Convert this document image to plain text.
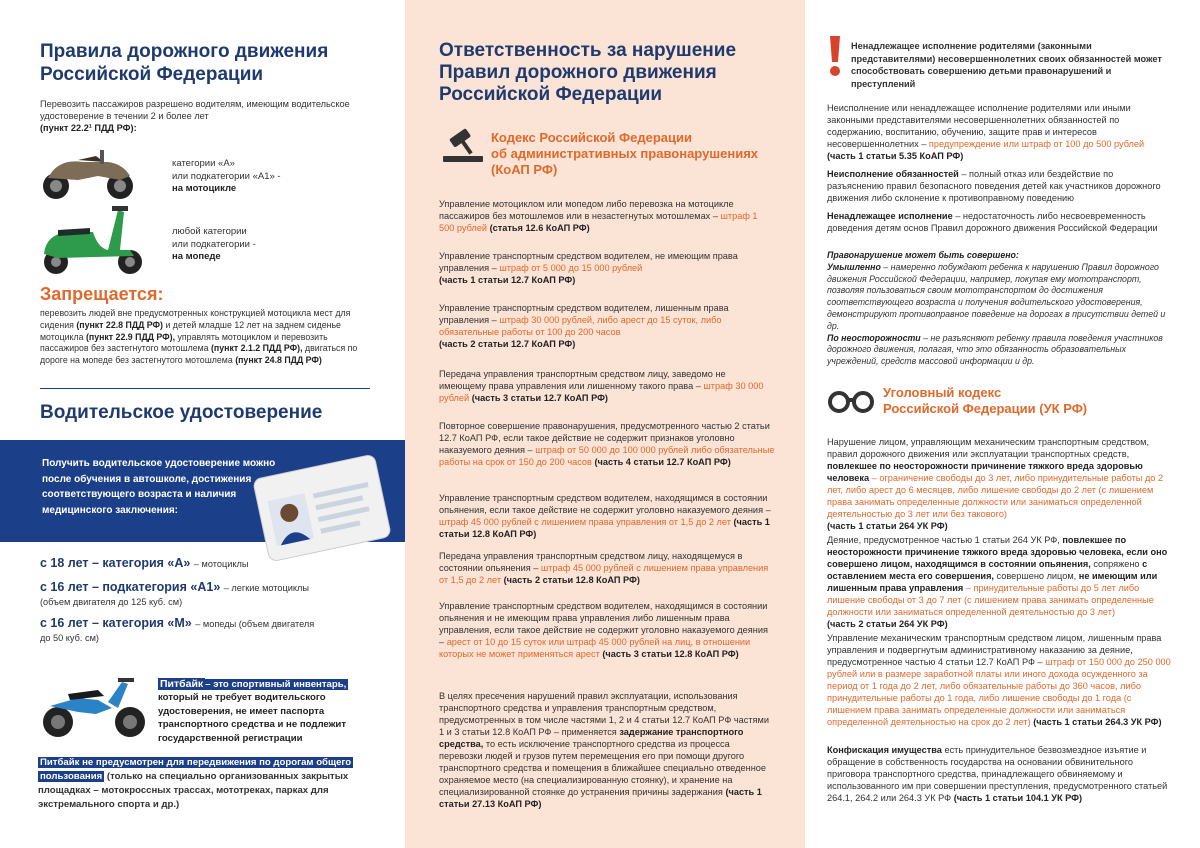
Правила дорожного движения
Российской Федерации

Перевозить пассажиров разрешено водителям, имеющим водительское удостоверение в течении 2 и более лет
(пункт 22.2¹ ПДД РФ):

категории «А»
или подкатегории «А1» -
на мотоцикле

любой категории
или подкатегории -
на мопеде

Запрещается:

перевозить людей вне предусмотренных конструкцией мотоцикла мест для сидения (пункт 22.8 ПДД РФ) и детей младше 12 лет на заднем сиденье мотоцикла (пункт 22.9 ПДД РФ), управлять мотоциклом и перевозить пассажиров без застегнутого мотошлема (пункт 2.1.2 ПДД РФ), двигаться по дороге на мопеде без застегнутого мотошлема (пункт 24.8 ПДД РФ)

Водительское удостоверение

Получить водительское удостоверение можно
после обучения в автошколе, достижения
соответствующего возраста и наличия
медицинского заключения:

с 18 лет – категория «А» – мотоциклы

с 16 лет – подкатегория «А1» – легкие мотоциклы
(объем двигателя до 125 куб. см)

с 16 лет – категория «М» – мопеды (объем двигателя
до 50 куб. см)

Питбайк – это спортивный инвентарь,
который не требует водительского
удостоверения, не имеет паспорта
транспортного средства и не подлежит
государственной регистрации

Питбайк не предусмотрен для передвижения по дорогам общего
пользования (только на специально организованных закрытых
площадках – мотокроссных трассах, мототреках, парках для
экстремального спорта и др.)

Ответственность за нарушение
Правил дорожного движения
Российской Федерации
Кодекс Российской Федерации
об административных правонарушениях
(КоАП РФ)

Управление мотоциклом или мопедом либо перевозка на мотоцикле пассажиров без мотошлемов или в незастегнутых мотошлемах – штраф 1 500 рублей (статья 12.6 КоАП РФ)

Управление транспортным средством водителем, не имеющим права управления – штраф от 5 000 до 15 000 рублей
(часть 1 статьи 12.7 КоАП РФ)

Управление транспортным средством водителем, лишенным права управления – штраф 30 000 рублей, либо арест до 15 суток, либо обязательные работы от 100 до 200 часов
(часть 2 статьи 12.7 КоАП РФ)

Передача управления транспортным средством лицу, заведомо не имеющему права управления или лишенному такого права – штраф 30 000 рублей (часть 3 статьи 12.7 КоАП РФ)

Повторное совершение правонарушения, предусмотренного частью 2 статьи 12.7 КоАП РФ, если такое действие не содержит признаков уголовно наказуемого деяния – штраф от 50 000 до 100 000 рублей либо обязательные работы на срок от 150 до 200 часов (часть 4 статьи 12.7 КоАП РФ)

Управление транспортным средством водителем, находящимся в состоянии опьянения, если такое действие не содержит уголовно наказуемого деяния – штраф 45 000 рублей с лишением права управления от 1,5 до 2 лет (часть 1 статьи 12.8 КоАП РФ)

Передача управления транспортным средством лицу, находящемуся в состоянии опьянения – штраф 45 000 рублей с лишением права управления от 1,5 до 2 лет (часть 2 статьи 12.8 КоАП РФ)

Управление транспортным средством водителем, находящимся в состоянии опьянения и не имеющим права управления либо лишенным права управления, если такое действие не содержит уголовно наказуемого деяния – арест от 10 до 15 суток или штраф 45 000 рублей на лиц, в отношении которых не может применяться арест (часть 3 статьи 12.8 КоАП РФ)

В целях пресечения нарушений правил эксплуатации, использования транспортного средства и управления транспортным средством, предусмотренных в том числе частями 1, 2 и 4 статьи 12.7 КоАП РФ частями 1 и 3 статьи 12.8 КоАП РФ – применяется задержание транспортного средства, то есть исключение транспортного средства из процесса перевозки людей и грузов путем перемещения его при помощи другого транспортного средства и помещения в ближайшее специально отведенное охраняемое место (на специализированную стоянку), и хранение на специализированной стоянке до устранения причины задержания (часть 1 статьи 27.13 КоАП РФ)

Ненадлежащее исполнение родителями (законными представителями) несовершеннолетних своих обязанностей может способствовать совершению детьми правонарушений и преступлений

Неисполнение или ненадлежащее исполнение родителями или иными законными представителями несовершеннолетних обязанностей по содержанию, воспитанию, обучению, защите прав и интересов несовершеннолетних – предупреждение или штраф от 100 до 500 рублей (часть 1 статьи 5.35 КоАП РФ)

Неисполнение обязанностей – полный отказ или бездействие по разъяснению правил безопасного поведения детей как участников дорожного движения либо склонение к противоправному поведению

Ненадлежащее исполнение – недостаточность либо несвоевременность доведения детям основ Правил дорожного движения Российской Федерации

Правонарушение может быть совершено:
Умышленно – намеренно побуждают ребенка к нарушению Правил дорожного движения Российской Федерации, например, покупая ему мототранспорт, позволяя пользоваться своим мототранспортом до достижения соответствующего возраста и получения водительского удостоверения, демонстрируют противоправное поведение на дорогах в присутствии детей и др.
По неосторожности – не разъясняют ребенку правила поведения участников дорожного движения, полагая, что это обязанность образовательных учреждений, средств массовой информации и др.

Уголовный кодекс
Российской Федерации (УК РФ)

Нарушение лицом, управляющим механическим транспортным средством, правил дорожного движения или эксплуатации транспортных средств, повлекшее по неосторожности причинение тяжкого вреда здоровью человека – ограничение свободы до 3 лет, либо принудительные работы до 2 лет, либо арест до 6 месяцев, либо лишение свободы до 2 лет (с лишением права занимать определенные должности или заниматься определенной деятельностью до 3 лет или без такового)
(часть 1 статьи 264 УК РФ)

Деяние, предусмотренное частью 1 статьи 264 УК РФ, повлекшее по неосторожности причинение тяжкого вреда здоровью человека, если оно совершено лицом, находящимся в состоянии опьянения, сопряжено с оставлением места его совершения, совершено лицом, не имеющим или лишенным права управления – принудительные работы до 5 лет либо лишение свободы от 3 до 7 лет (с лишением права занимать определенные должности или заниматься определенной деятельностью до 3 лет)
(часть 2 статьи 264 УК РФ)

Управление механическим транспортным средством лицом, лишенным права управления и подвергнутым административному наказанию за деяние, предусмотренное частью 4 статьи 12.7 КоАП РФ – штраф от 150 000 до 250 000 рублей или в размере заработной платы или иного дохода осужденного за период от 1 года до 2 лет, либо обязательные работы до 360 часов, либо принудительные работы до 1 года, либо лишение свободы до 1 года (с лишением права занимать определенные должности или заниматься определенной деятельностью на срок до 2 лет) (часть 1 статьи 264.3 УК РФ)

Конфискация имущества есть принудительное безвозмездное изъятие и обращение в собственность государства на основании обвинительного приговора транспортного средства, принадлежащего обвиняемому и использованного им при совершении преступления, предусмотренного статьей 264.1, 264.2 или 264.3 УК РФ (часть 1 статьи 104.1 УК РФ)
